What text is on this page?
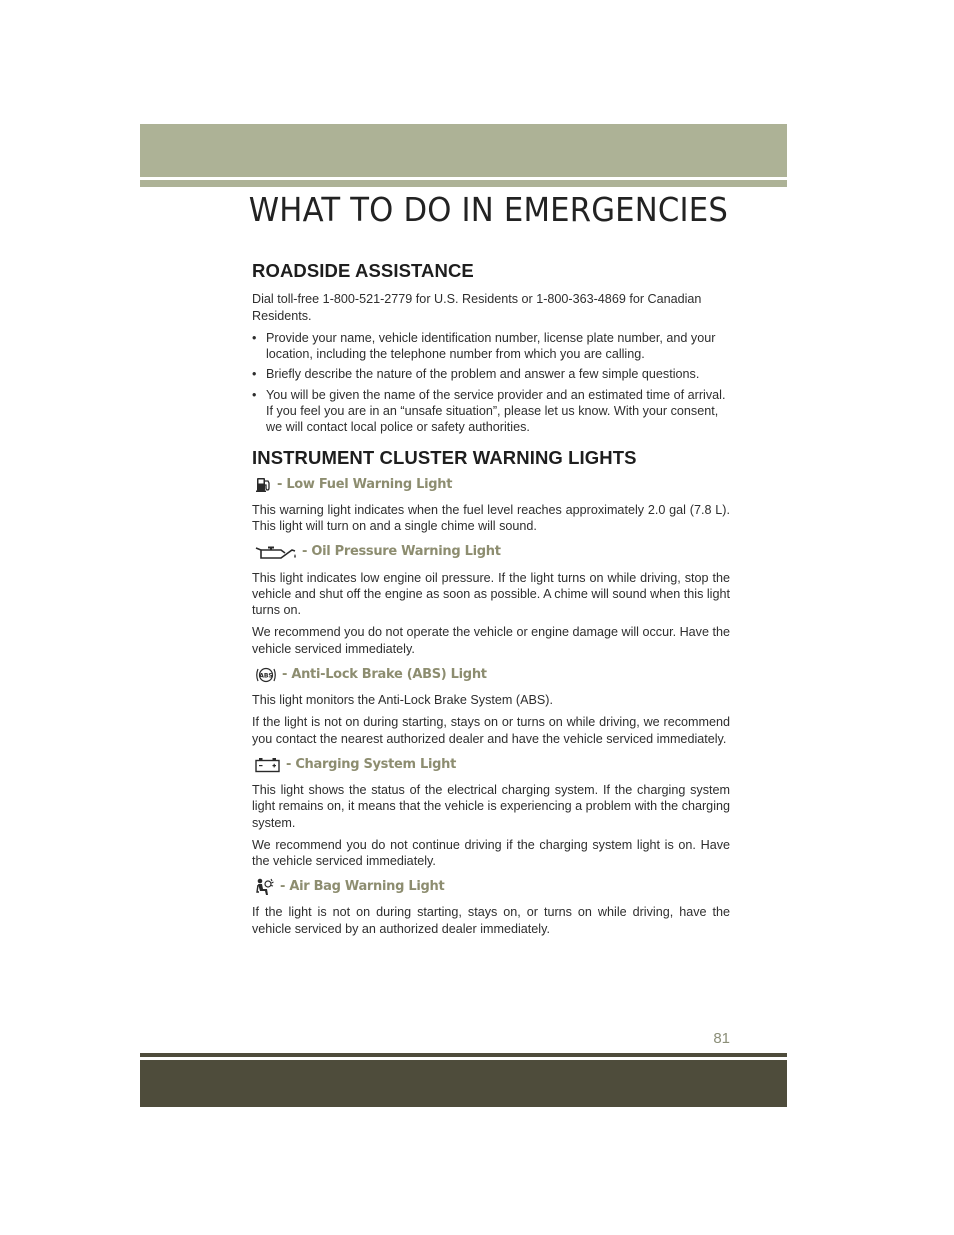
WHAT TO DO IN EMERGENCIES
ROADSIDE ASSISTANCE

Dial toll-free 1-800-521-2779 for U.S. Residents or 1-800-363-4869 for Canadian Residents.

• Provide your name, vehicle identification number, license plate number, and your location, including the telephone number from which you are calling.
• Briefly describe the nature of the problem and answer a few simple questions.
• You will be given the name of the service provider and an estimated time of arrival. If you feel you are in an “unsafe situation”, please let us know. With your consent, we will contact local police or safety authorities.
INSTRUMENT CLUSTER WARNING LIGHTS
- Low Fuel Warning Light

This warning light indicates when the fuel level reaches approximately 2.0 gal (7.8 L). This light will turn on and a single chime will sound.

- Oil Pressure Warning Light

This light indicates low engine oil pressure. If the light turns on while driving, stop the vehicle and shut off the engine as soon as possible. A chime will sound when this light turns on.

We recommend you do not operate the vehicle or engine damage will occur. Have the vehicle serviced immediately.

ABS - Anti-Lock Brake (ABS) Light

This light monitors the Anti-Lock Brake System (ABS).

If the light is not on during starting, stays on or turns on while driving, we recommend you contact the nearest authorized dealer and have the vehicle serviced immediately.

- Charging System Light

This light shows the status of the electrical charging system. If the charging system light remains on, it means that the vehicle is experiencing a problem with the charging system.

We recommend you do not continue driving if the charging system light is on. Have the vehicle serviced immediately.

- Air Bag Warning Light

If the light is not on during starting, stays on, or turns on while driving, have the vehicle serviced by an authorized dealer immediately.

81
